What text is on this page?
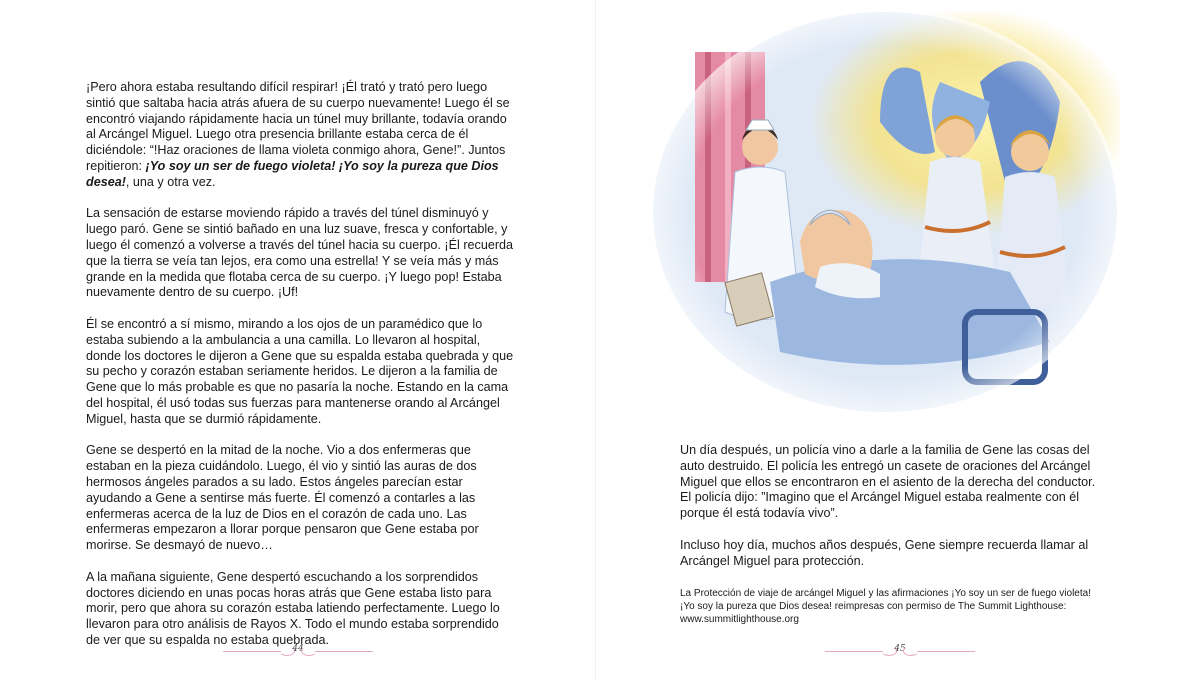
¡Pero ahora estaba resultando difícil respirar! ¡Él trató y trató pero luego sintió que saltaba hacia atrás afuera de su cuerpo nuevamente! Luego él se encontró viajando rápidamente hacia un túnel muy brillante, todavía orando al Arcángel Miguel. Luego otra presencia brillante estaba cerca de él diciéndole: “!Haz oraciones de llama violeta conmigo ahora, Gene!”. Juntos repitieron: ¡Yo soy un ser de fuego violeta! ¡Yo soy la pureza que Dios desea!, una y otra vez.

La sensación de estarse moviendo rápido a través del túnel disminuyó y luego paró. Gene se sintió bañado en una luz suave, fresca y confortable, y luego él comenzó a volverse a través del túnel hacia su cuerpo. ¡Él recuerda que la tierra se veía tan lejos, era como una estrella! Y se veía más y más grande en la medida que flotaba cerca de su cuerpo. ¡Y luego pop! Estaba nuevamente dentro de su cuerpo. ¡Uf!

Él se encontró a sí mismo, mirando a los ojos de un paramédico que lo estaba subiendo a la ambulancia a una camilla. Lo llevaron al hospital, donde los doctores le dijeron a Gene que su espalda estaba quebrada y que su pecho y corazón estaban seriamente heridos. Le dijeron a la familia de Gene que lo más probable es que no pasaría la noche. Estando en la cama del hospital, él usó todas sus fuerzas para mantenerse orando al Arcángel Miguel, hasta que se durmió rápidamente.

Gene se despertó en la mitad de la noche. Vio a dos enfermeras que estaban en la pieza cuidándolo. Luego, él vio y sintió las auras de dos hermosos ángeles parados a su lado. Estos ángeles parecían estar ayudando a Gene a sentirse más fuerte. Él comenzó a contarles a las enfermeras acerca de la luz de Dios en el corazón de cada uno. Las enfermeras empezaron a llorar porque pensaron que Gene estaba por morirse. Se desmayó de nuevo…

A la mañana siguiente, Gene despertó escuchando a los sorprendidos doctores diciendo en unas pocas horas atrás que Gene estaba listo para morir, pero que ahora su corazón estaba latiendo perfectamente. Luego lo llevaron para otro análisis de Rayos X. Todo el mundo estaba sorprendido de ver que su espalda no estaba quebrada.

44

Un día después, un policía vino a darle a la familia de Gene las cosas del auto destruido. El policía les entregó un casete de oraciones del Arcángel Miguel que ellos se encontraron en el asiento de la derecha del conductor. El policía dijo: ”Imagino que el Arcángel Miguel estaba realmente con él porque él está todavía vivo”.

Incluso hoy día, muchos años después, Gene siempre recuerda llamar al Arcángel Miguel para protección.

La Protección de viaje de arcángel Miguel y las afirmaciones ¡Yo soy un ser de fuego violeta! ¡Yo soy la pureza que Dios desea! reimpresas con permiso de The Summit Lighthouse: www.summitlighthouse.org
45
